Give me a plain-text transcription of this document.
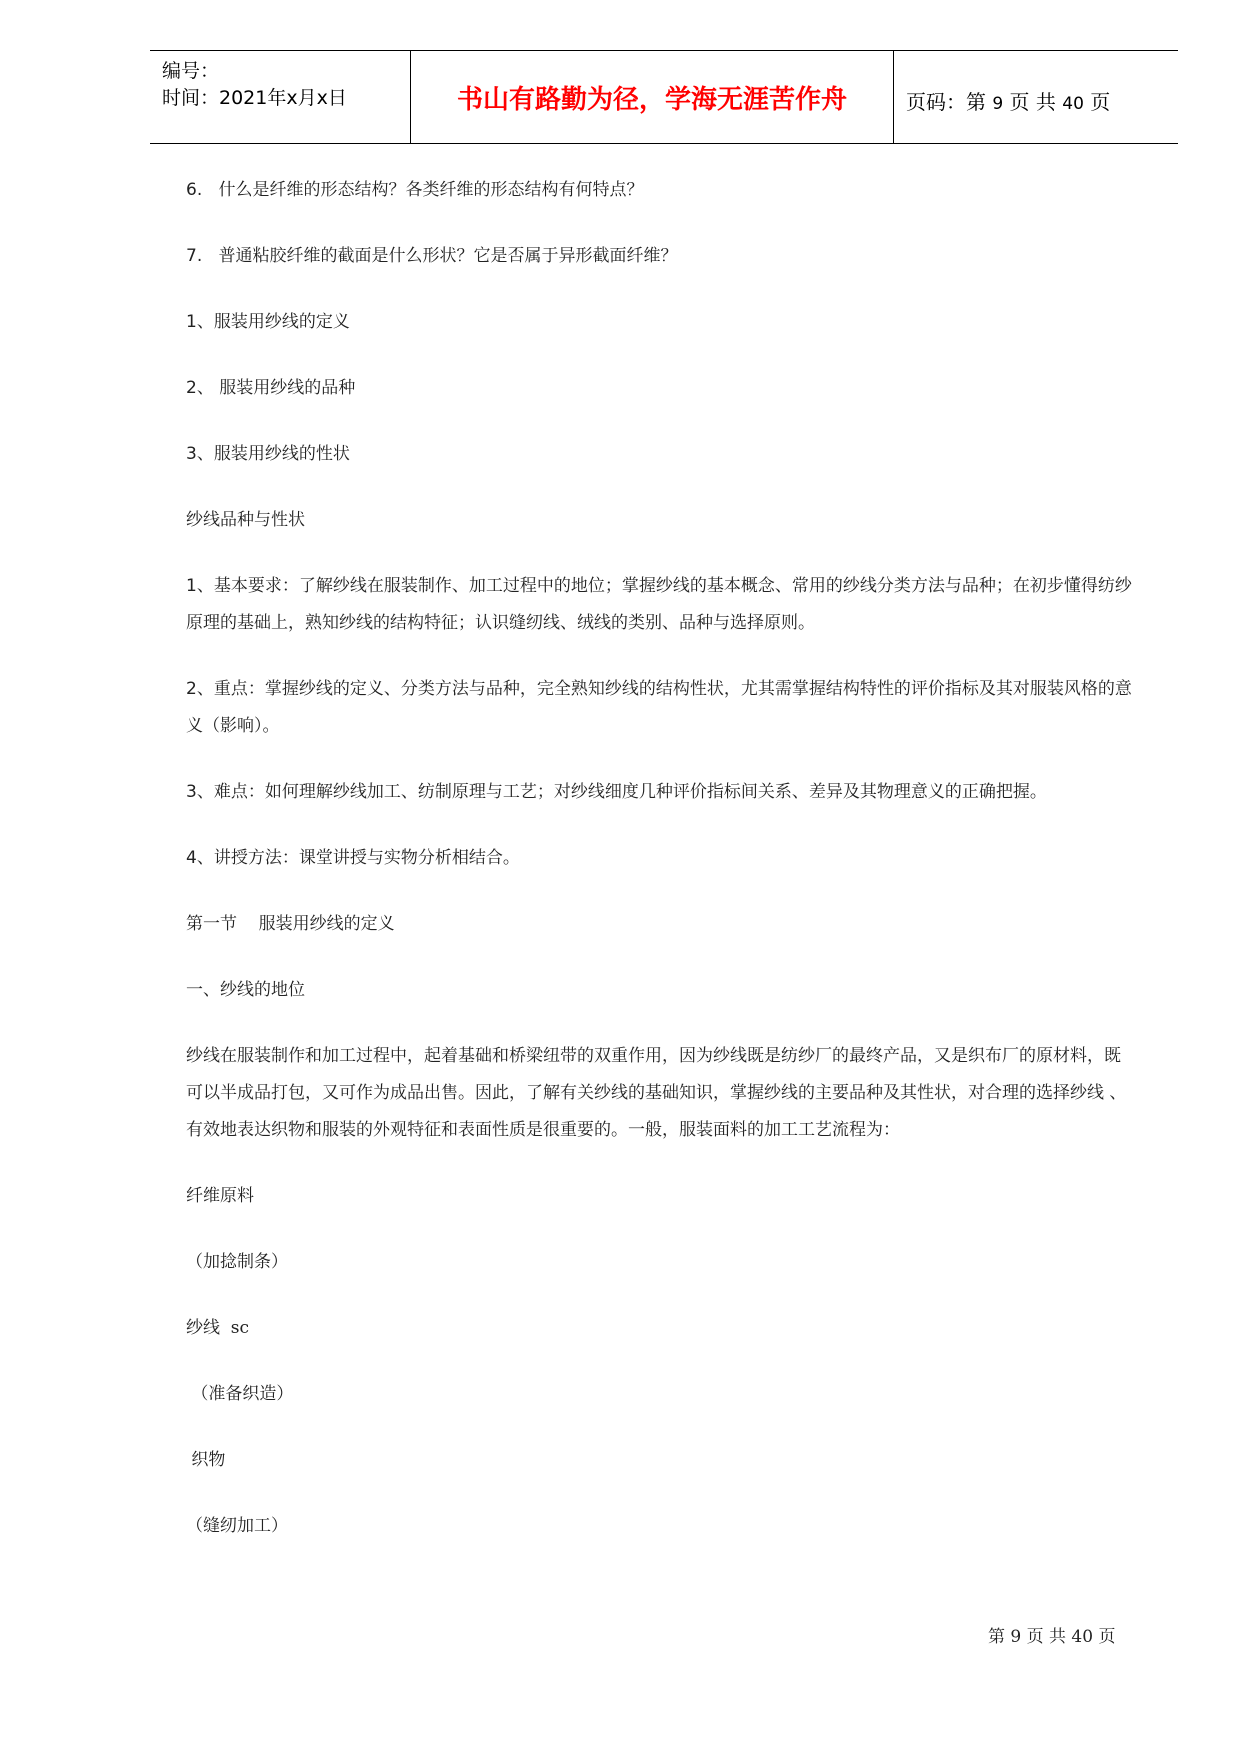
编号：
时间：2021年x月x日	书山有路勤为径，学海无涯苦作舟	页码：第 9 页 共 40 页

6. 什么是纤维的形态结构？各类纤维的形态结构有何特点？

7. 普通粘胶纤维的截面是什么形状？它是否属于异形截面纤维？

1、服装用纱线的定义

2、 服装用纱线的品种

3、服装用纱线的性状

纱线品种与性状

1、基本要求：了解纱线在服装制作、加工过程中的地位；掌握纱线的基本概念、常用的纱线分类方法与品种；在初步懂得纺纱原理的基础上，熟知纱线的结构特征；认识缝纫线、绒线的类别、品种与选择原则。

2、重点：掌握纱线的定义、分类方法与品种，完全熟知纱线的结构性状，尤其需掌握结构特性的评价指标及其对服装风格的意义（影响）。

3、难点：如何理解纱线加工、纺制原理与工艺；对纱线细度几种评价指标间关系、差异及其物理意义的正确把握。

4、讲授方法：课堂讲授与实物分析相结合。

第一节    服装用纱线的定义

一、纱线的地位

纱线在服装制作和加工过程中，起着基础和桥梁纽带的双重作用，因为纱线既是纺纱厂的最终产品，又是织布厂的原材料，既可以半成品打包，又可作为成品出售。因此，了解有关纱线的基础知识，掌握纱线的主要品种及其性状，对合理的选择纱线 、有效地表达织物和服装的外观特征和表面性质是很重要的。一般，服装面料的加工工艺流程为：

纤维原料

（加捻制条）

纱线  sc

（准备织造）

织物

（缝纫加工）

第 9 页 共 40 页
